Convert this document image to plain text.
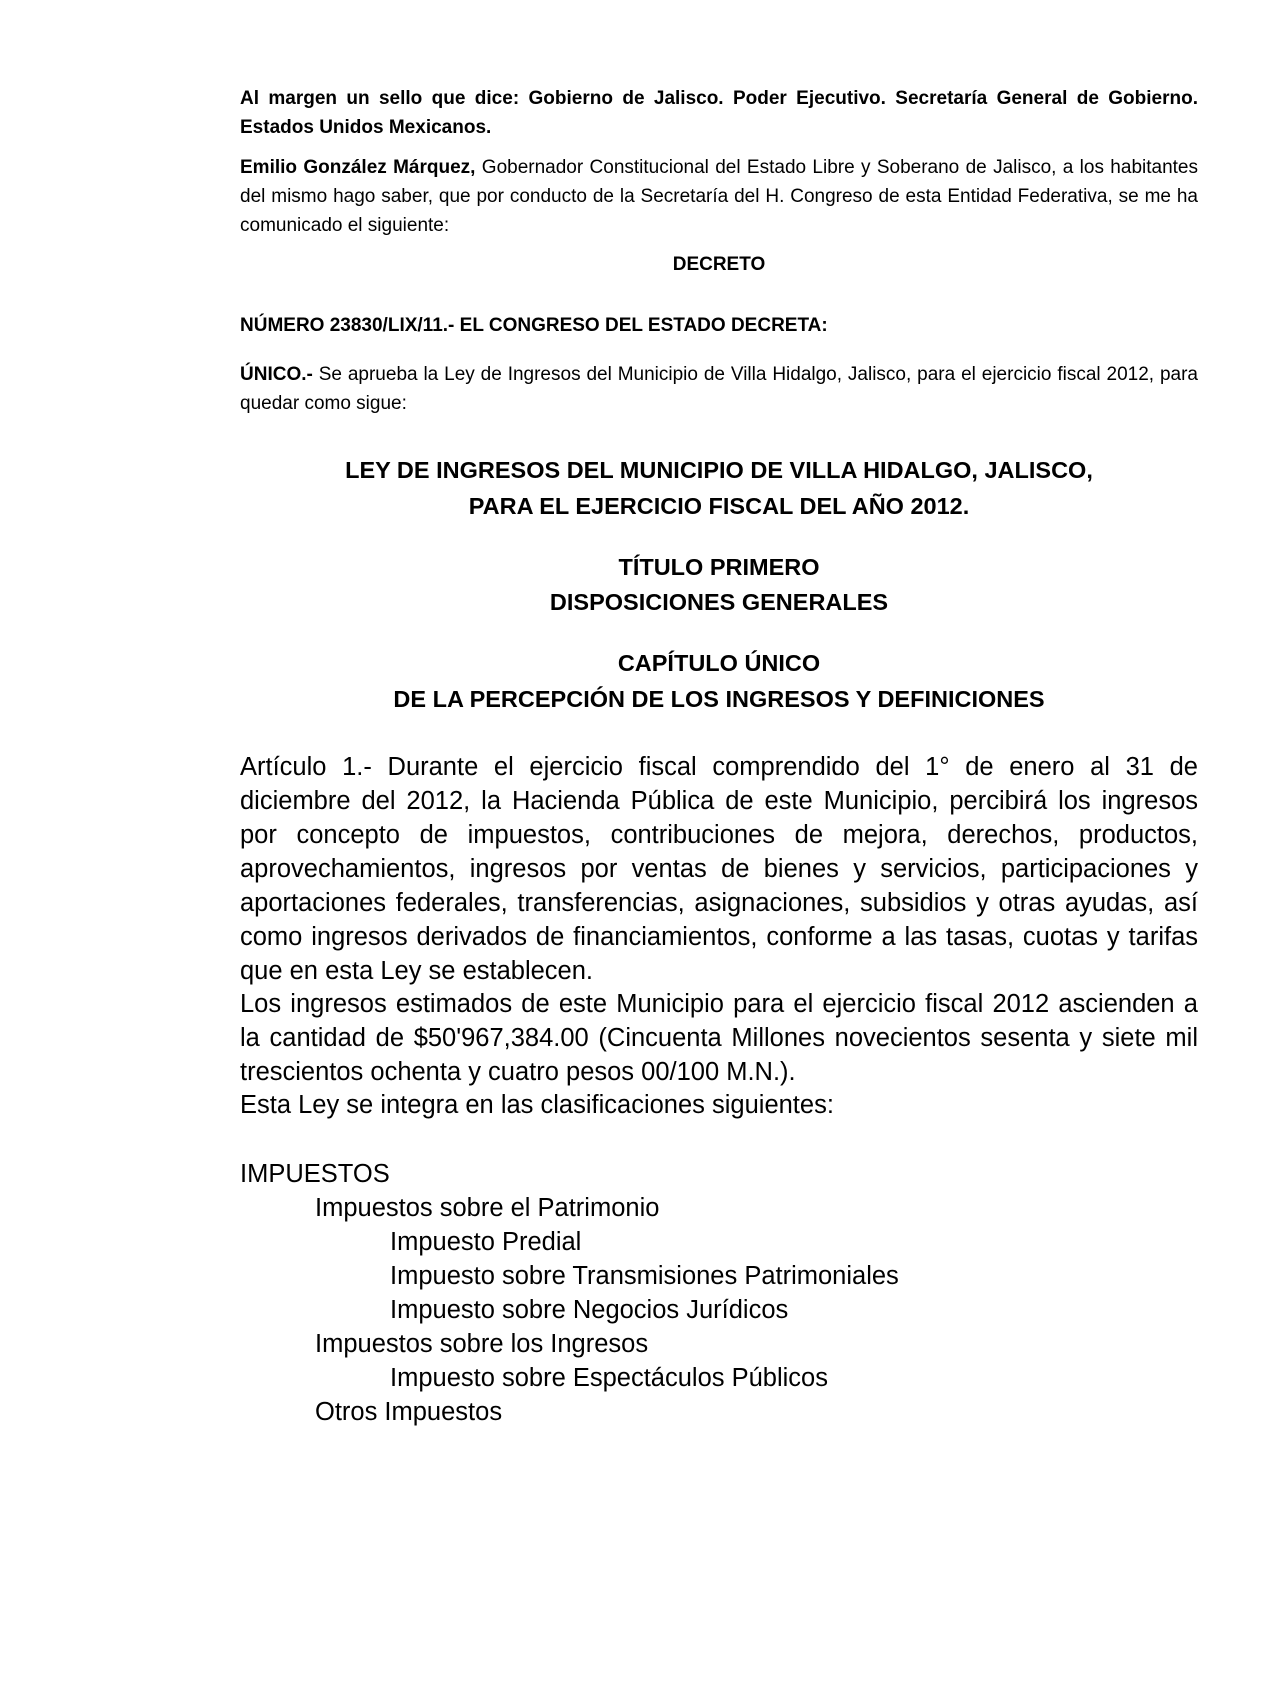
Al margen un sello que dice: Gobierno de Jalisco. Poder Ejecutivo. Secretaría General de Gobierno. Estados Unidos Mexicanos.

Emilio González Márquez, Gobernador Constitucional del Estado Libre y Soberano de Jalisco, a los habitantes del mismo hago saber, que por conducto de la Secretaría del H. Congreso de esta Entidad Federativa, se me ha comunicado el siguiente:

DECRETO

NÚMERO 23830/LIX/11.- EL CONGRESO DEL ESTADO DECRETA:

ÚNICO.- Se aprueba la Ley de Ingresos del Municipio de Villa Hidalgo, Jalisco, para el ejercicio fiscal 2012, para quedar como sigue:

LEY DE INGRESOS DEL MUNICIPIO DE VILLA HIDALGO, JALISCO,

PARA EL EJERCICIO FISCAL DEL AÑO 2012.

TÍTULO PRIMERO

DISPOSICIONES GENERALES

CAPÍTULO ÚNICO

DE LA PERCEPCIÓN DE LOS INGRESOS Y DEFINICIONES

Artículo 1.- Durante el ejercicio fiscal comprendido del 1° de enero al 31 de diciembre del 2012, la Hacienda Pública de este Municipio, percibirá los ingresos por concepto de impuestos, contribuciones de mejora, derechos, productos, aprovechamientos, ingresos por ventas de bienes y servicios, participaciones y aportaciones federales, transferencias, asignaciones, subsidios y otras ayudas, así como ingresos derivados de financiamientos, conforme a las tasas, cuotas y tarifas que en esta Ley se establecen.

Los ingresos estimados de este Municipio para el ejercicio fiscal 2012 ascienden a la cantidad de $50'967,384.00 (Cincuenta Millones novecientos sesenta y siete mil trescientos ochenta y cuatro pesos 00/100 M.N.).

Esta Ley se integra en las clasificaciones siguientes:

IMPUESTOS
Impuestos sobre el Patrimonio
Impuesto Predial
Impuesto sobre Transmisiones Patrimoniales
Impuesto sobre Negocios Jurídicos
Impuestos sobre los Ingresos
Impuesto sobre Espectáculos Públicos
Otros Impuestos
